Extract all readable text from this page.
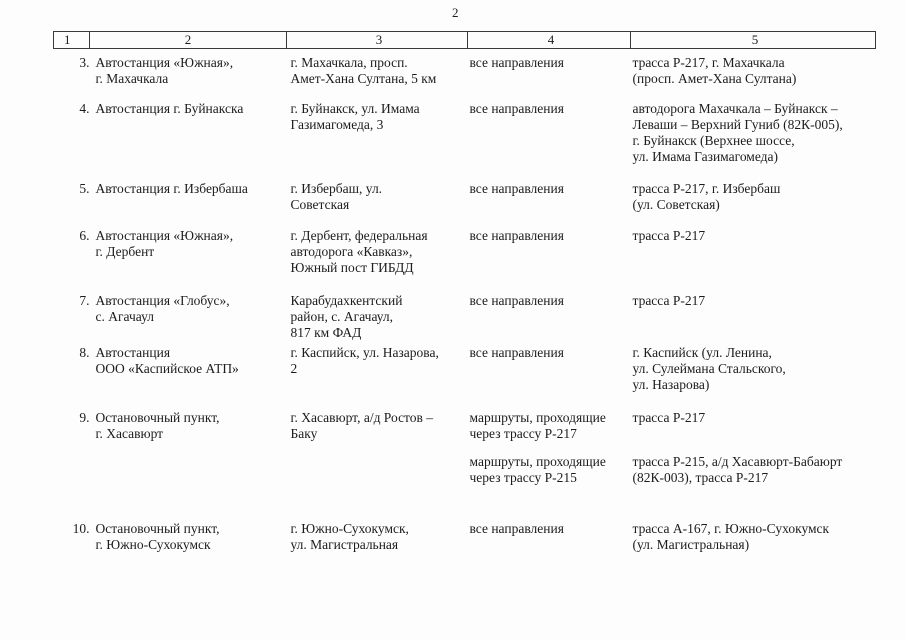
2
1	2	3	4	5
3.	Автостанция «Южная»,
г. Махачкала	г. Махачкала, просп.
Амет-Хана Султана, 5 км	все направления	трасса Р-217, г. Махачкала
(просп. Амет-Хана Султана)

4.	Автостанция г. Буйнакска	г. Буйнакск, ул. Имама
Газимагомеда, 3	все направления	автодорога Махачкала – Буйнакск –
Леваши – Верхний Гуниб (82К-005),
г. Буйнакск (Верхнее шоссе,
ул. Имама Газимагомеда)

5.	Автостанция г. Избербаша	г. Избербаш, ул.
Советская	все направления	трасса Р-217, г. Избербаш
(ул. Советская)

6.	Автостанция «Южная»,
г. Дербент	г. Дербент, федеральная
автодорога «Кавказ»,
Южный пост ГИБДД	все направления	трасса Р-217

7.	Автостанция «Глобус»,
с. Агачаул	Карабудахкентский
район, с. Агачаул,
817 км ФАД	все направления	трасса Р-217

8.	Автостанция
ООО «Каспийское АТП»	г. Каспийск, ул. Назарова,
2	все направления	г. Каспийск (ул. Ленина,
ул. Сулеймана Стальского,
ул. Назарова)

9.	Остановочный пункт,
г. Хасавюрт	г. Хасавюрт, а/д Ростов –
Баку	маршруты, проходящие
через трассу Р-217	трасса Р-217

			маршруты, проходящие
через трассу Р-215	трасса Р-215, а/д Хасавюрт-Бабаюрт
(82К-003), трасса Р-217

10.	Остановочный пункт,
г. Южно-Сухокумск	г. Южно-Сухокумск,
ул. Магистральная	все направления	трасса А-167, г. Южно-Сухокумск
(ул. Магистральная)
